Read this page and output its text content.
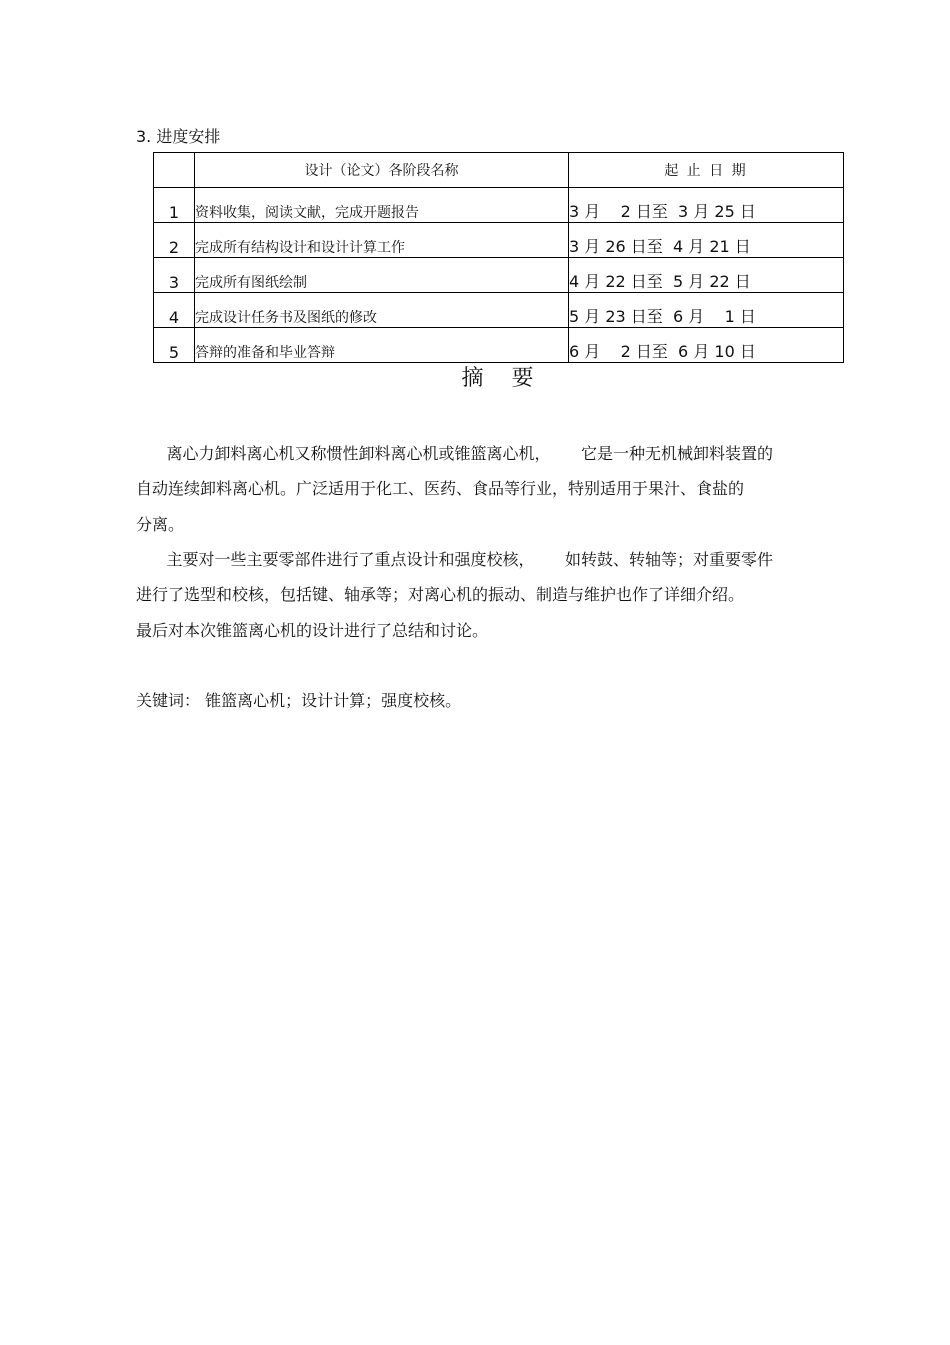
3. 进度安排
	设计（论文）各阶段名称	起 止 日 期
1	资料收集，阅读文献，完成开题报告	3 月    2 日至  3 月 25 日
2	完成所有结构设计和设计计算工作	3 月 26 日至  4 月 21 日
3	完成所有图纸绘制	4 月 22 日至  5 月 22 日
4	完成设计任务书及图纸的修改	5 月 23 日至  6 月    1 日
5	答辩的准备和毕业答辩	6 月    2 日至  6 月 10 日
摘    要
离心力卸料离心机又称惯性卸料离心机或锥篮离心机，      它是一种无机械卸料装置的
自动连续卸料离心机。广泛适用于化工、医药、食品等行业，特别适用于果汁、食盐的
分离。
主要对一些主要零部件进行了重点设计和强度校核，      如转鼓、转轴等；对重要零件
进行了选型和校核，包括键、轴承等；对离心机的振动、制造与维护也作了详细介绍。
最后对本次锥篮离心机的设计进行了总结和讨论。
关键词： 锥篮离心机；设计计算；强度校核。
